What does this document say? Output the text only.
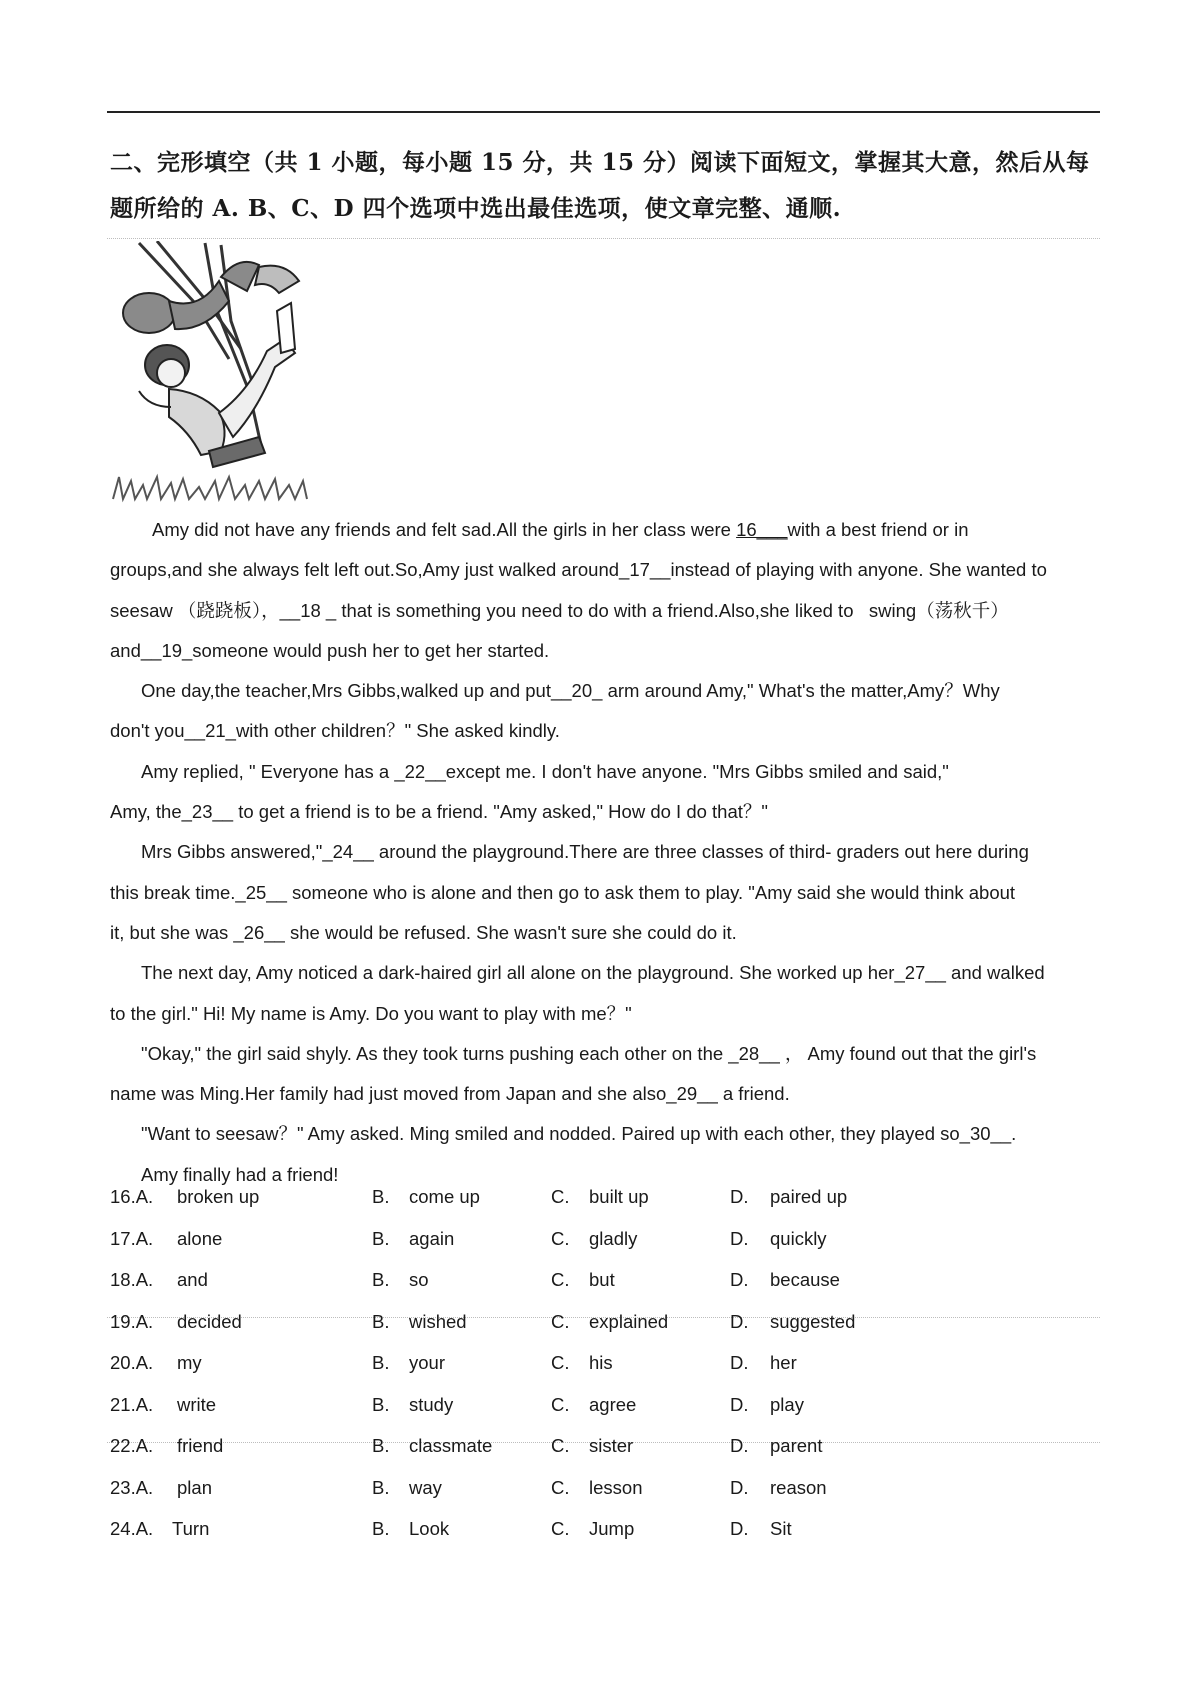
二、完形填空（共 1 小题，每小题 15 分，共 15 分）阅读下面短文，掌握其大意，然后从每
题所给的 A. B、C、D 四个选项中选出最佳选项，使文章完整、通顺.

Amy did not have any friends and felt sad.All the girls in her class were 16___with a best friend or in

groups,and she always felt left out.So,Amy just walked around_17__instead of playing with anyone. She wanted to

seesaw （跷跷板），__18 _ that is something you need to do with a friend.Also,she liked to   swing（荡秋千）

and__19_someone would push her to get her started.

One day,the teacher,Mrs Gibbs,walked up and put__20_ arm around Amy," What's the matter,Amy？Why

don't you__21_with other children？" She asked kindly.

Amy replied, " Everyone has a _22__except me. I don't have anyone. "Mrs Gibbs smiled and said,"

Amy, the_23__ to get a friend is to be a friend. "Amy asked," How do I do that？"

Mrs Gibbs answered,"_24__ around the playground.There are three classes of third- graders out here during

this break time._25__ someone who is alone and then go to ask them to play. "Amy said she would think about

it, but she was _26__ she would be refused. She wasn't sure she could do it.

The next day, Amy noticed a dark-haired girl all alone on the playground. She worked up her_27__ and walked

to the girl." Hi! My name is Amy. Do you want to play with me？"

"Okay," the girl said shyly. As they took turns pushing each other on the _28__ ， Amy found out that the girl's

name was Ming.Her family had just moved from Japan and she also_29__ a friend.

"Want to seesaw？" Amy asked. Ming smiled and nodded. Paired up with each other, they played so_30__.

Amy finally had a friend!

16.A. broken up	B. come up	C. built up	D. paired up
17.A. alone	B. again	C. gladly	D. quickly
18.A. and	B. so	C. but	D. because
19.A. decided	B. wished	C. explained	D. suggested
20.A. my	B. your	C. his	D. her
21.A. write	B. study	C. agree	D. play
22.A. friend	B. classmate	C. sister	D. parent
23.A. plan	B. way	C. lesson	D. reason
24.A. Turn	B. Look	C. Jump	D. Sit
